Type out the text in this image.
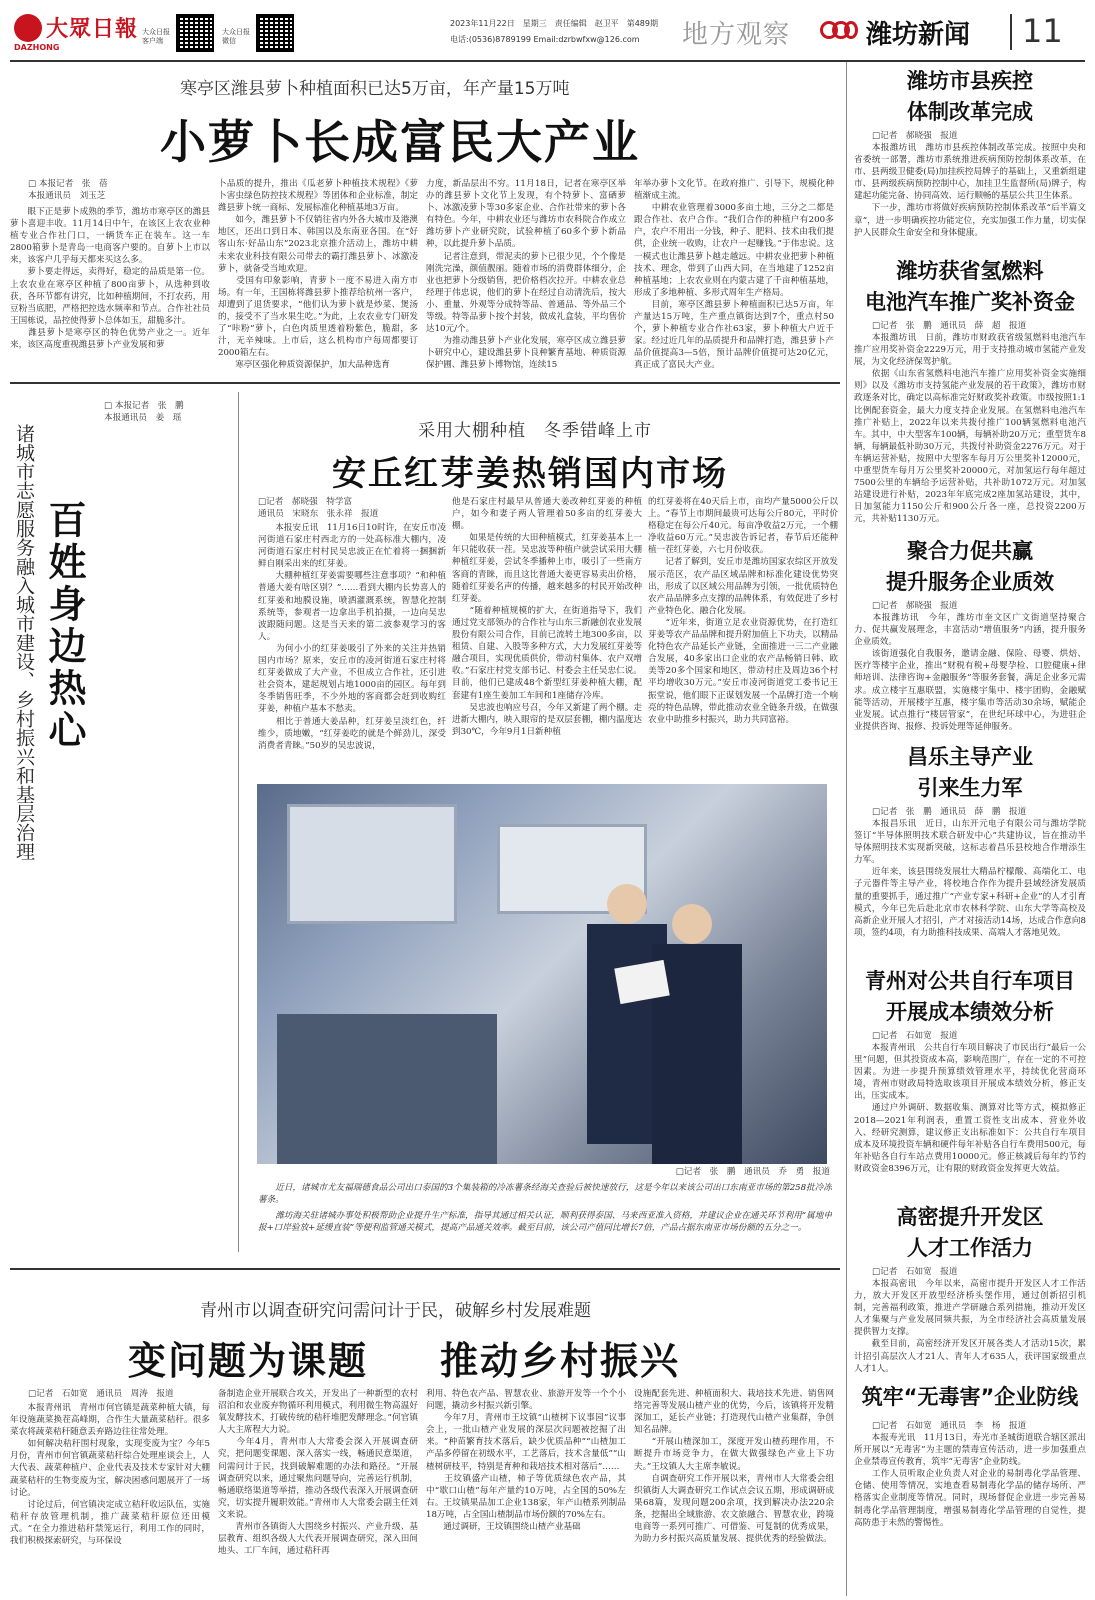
大眾日報
DAZHONG
大众日报
客户端
大众日报
微信
2023年11月22日　星期三　责任编辑　赵卫平　第489期
电话:(0536)8789199 Email:dzrbwfxw@126.com 地方观察	潍坊新闻 11
寒亭区潍县萝卜种植面积已达5万亩，年产量15万吨
小萝卜长成富民大产业
□ 本报记者　张　蓓
本报通讯员　刘玉芝
　　眼下正是萝卜成熟的季节，潍坊市寒亭区的潍县萝卜喜迎丰收。11月14日中午，在该区上农农业种植专业合作社门口，一辆货车正在装车。这一车2800箱萝卜是青岛一电商客户要的。自萝卜上市以来，该客户几乎每天都来买这么多。
　　萝卜要走得远，卖得好，稳定的品质是第一位。上农农业在寒亭区种植了800亩萝卜，从选种到收获，各环节都有讲究，比如种植期间，不打农药，用豆粉当底肥，严格把控选水频率和节点。合作社社员王国栋说，品控使得萝卜总体如玉，甜脆多汁。
　　潍县萝卜是寒亭区的特色优势产业之一。近年来，该区高度重视潍县萝卜产业发展和萝
卜品质的提升，推出《瓜老萝卜种植技术规程》《萝卜害虫绿色防控技术规程》等团体和企业标准，制定潍县萝卜统一商标、发展标准化种植基地3万亩。
　　如今，潍县萝卜不仅销往省内外各大城市及港澳地区，还出口到日本、韩国以及东南亚各国。在“好客山东·好品山东”2023北京推介活动上，潍坊中耕未来农业科技有限公司带去的霸打潍县萝卜、冰激凌萝卜，就备受当地欢迎。
　　受国有印象影响，青萝卜一度不易进入南方市场。有一年，王国栋将潍县萝卜推荐给杭州一客户，却遭到了退货要求，“他们认为萝卜就是炒菜、煲汤的，接受不了当水果生吃。”为此，上农农业专门研发了“咔粉”萝卜，白色肉质里透着粉紫色，脆甜，多汁，无辛辣味。上市后，这么机构市户每周都要订2000箱左右。
　　寒亭区强化种质资源保护，加大品种选育
力度，新品层出不穷。11月18日，记者在寒亭区举办的潍县萝卜文化节上发现，有个特萝卜、富硒萝卜、冰激凌萝卜等30多家企业、合作社带来的萝卜各有特色。今年，中耕农业还与潍坊市农科院合作成立潍坊萝卜产业研究院，试验种植了60多个萝卜新品种，以此提升萝卜品质。
　　记者注意到，带泥卖的萝卜已很少见，个个像是刚洗完澡，颜值靓丽。随着市场的消费群体细分，企业也把萝卜分级销售，把价格档次拉开。中耕农业总经理于伟忠说，他们的萝卜在经过自动清洗后，按大小、重量、外观等分成特等品、普通品、等外品三个等级。特等品萝卜按个封装，做成礼盒装，平均售价达10元/个。
　　为推动潍县萝卜产业化发展，寒亭区成立潍县萝卜研究中心，建设潍县萝卜良种繁育基地、种质资源保护圃、潍县萝卜博物馆，连续15
年举办萝卜文化节。在政府推广、引导下，规模化种植渐成主流。
　　中耕农业管理着3000多亩土地，三分之二都是跟合作社、农户合作。“我们合作的种植户有200多户，农户不用出一分钱，种子、肥料、技术由我们提供，企业统一收购，让农户一起赚钱。”于伟忠说。这一模式也让潍县萝卜越走越远。中耕农业把萝卜种植技术、理念，带到了山西大同，在当地建了1252亩种植基地；上农农业则在内蒙古建了千亩种植基地，形成了多地种植、多形式周年生产格局。
　　目前，寒亭区潍县萝卜种植面积已达5万亩，年产量达15万吨，生产重点镇街达到7个，重点村50个，萝卜种植专业合作社63家，萝卜种植大户近千家。经过近几年的品质提升和品牌打造，潍县萝卜产品价值提高3—5倍，预计品牌价值提可达20亿元，真正成了富民大产业。
□ 本报记者　张　鹏
本报通讯员　姜　瑶
诸城市志愿服务融入城市建设、乡村振兴和基层治理 百姓身边热心
采用大棚种植　冬季错峰上市
安丘红芽姜热销国内市场
□记者　郝晓强　特学富
通讯员　宋晓东　张永祥　报道
　　本报安丘讯　11月16日10时许，在安丘市凌河街道石家庄村西北方的一处高标准大棚内，凌河街道石家庄村村民吴忠波正在忙着将一捆捆新鲜自刚采出来的红芽姜。
　　大棚种植红芽姜需要哪些注意事项？“和种植普通大姜有啥区别？”……看到大棚内长势喜人的红芽姜和地膜设施，喷洒灌溉系统，智慧化控制系统等，参观者一边拿出手机拍摄，一边向吴忠波跟随问题。这是当天来的第二波参观学习的客人。
　　为何小小的红芽姜吸引了外来的关注并热销国内市场？原来，安丘市的凌河街道石家庄村将红芽姜做成了大产业，不但成立合作社，还引进社会资本，建起规划占地1000亩的园区。每年到冬季销售旺季，不少外地的客商都会赶到收购红芽姜，种植户基本不愁卖。
　　相比于普通大姜品种，红芽姜呈淡红色，纤维少，质地嫩，“红芽姜吃的就是个鲜劲儿，深受消费者青睐。”50岁的吴忠波说，
他是石家庄村最早从普通大姜改种红芽姜的种植户，如今和妻子两人管理着50多亩的红芽姜大棚。
　　如果是传统的大田种植模式，红芽姜基本上一年只能收获一茬。吴忠波等种植户就尝试采用大棚种植红芽姜，尝试冬季播种上市，吸引了一些南方客商的青睐，而且这比普通大姜更容易卖出价格，随着红芽姜名声的传播，越来越多的村民开始改种红芽姜。
　　“随着种植规模的扩大，在街道指导下，我们通过党支部领办的合作社与山东三新融创农业发展股份有限公司合作，目前已流转土地300多亩，以租赁、自建、入股等多种方式，大力发展红芽姜等融合项目，实现优质供价，带动村集体、农户双增收。”石家庄村党支部书记、村委会主任吴忠仁说。目前，他们已建成48个新型红芽姜种植大棚，配套建有1座生姜加工车间和1座储存冷库。
　　吴忠波也响应号召，今年又新建了两个棚。走进新大棚内，映入眼帘的是双层套棚，棚内温度达到30℃，今年9月1日新种植
的红芽姜将在40天后上市，亩均产量5000公斤以上。“春节上市期间最贵可达每公斤80元，平时价格稳定在每公斤40元。每亩净收益2万元，一个棚净收益60万元。”吴忠波告诉记者，春节后还能种植一茬红芽姜，六七月份收获。
　　记者了解到，安丘市是潍坊国家农综区开放发展示范区，农产品区域品牌和标准化建设优势突出，形成了以区域公用品牌为引领，一批优质特色农产品品牌多点支撑的品牌体系，有效促进了乡村产业特色化、融合化发展。
　　“近年来，街道立足农业资源优势，在打造红芽姜等农产品品牌和提升附加值上下功夫，以精品化特色农产品延长产业链，全面推进一三二产业融合发展，40多家出口企业的农产品畅销日韩、欧美等20多个国家和地区，带动村庄及周边36个村平均增收30万元。”安丘市凌河街道党工委书记王振堂说，他们眼下正谋划发展一个品牌打造一个响亮的特色品牌，带此推动农业全链条升级，在做强农业中助推乡村振兴，助力共同富裕。
□记者　张　鹏　通讯员　乔　勇　报道
　　近日，诸城市尤友福瑞德食品公司出口泰国的3个集装箱的冷冻薯条经海关查验后被快速放行，这是今年以来该公司出口东南亚市场的第258批冷冻薯条。
　　潍坊海关驻诸城办事处积极帮助企业提升生产标准，指导其通过相关认证，顺利获得泰国、马来西亚准入资格，并建议企业在通关环节利用“属地申报+口岸验放+延缓直装”等便利监管通关模式，提高产品通关效率。截至目前，该公司产值同比增长7倍，产品占据东南亚市场份额的五分之一。
青州市以调查研究问需问计于民，破解乡村发展难题
变问题为课题 推动乡村振兴
□记者　石如宽　通讯员　周涛　报道
　　本报青州讯　青州市何官镇是蔬菜种植大镇，每年设施蔬菜换茬高峰期，合作生大量蔬菜秸秆。很多菜农将蔬菜秸秆随意丢弃路边往往常处理。
　　如何解决秸秆围村现象，实现变废为宝？今年5月份，青州市何官镇蔬菜秸秆综合处理座谈会上，人大代表、蔬菜种植户、企业代表及技术专家针对大棚蔬菜秸秆的生物变废为宝，解决困惑问题展开了一场讨论。
　　讨论过后，何官镇决定成立秸秆收运队伍，实施秸秆存放管理机制，推广蔬菜秸秆原位还田模式。“在全力推进秸秆禁笼运行，利用工作的同时，我们积极探索研究，与环保设
备制造企业开展联合攻关，开发出了一种新型的农村沼泊和农业废弃物循环利用模式，利用微生物高温好氧发酵技术，打破传统的秸秆堆肥发酵理念。”何官镇人大主席程大力说。
　　今年4月，青州市人大常委会深入开展调查研究，把问题变课题、深入落实一线，畅通民意渠道，问需问计于民，找到破解难题的办法和路径。“开展调查研究以来，通过聚焦问题导向，完善运行机制，畅通联络渠道等举措，推动各级代表深入开展调查研究，切实提升履职效能。”青州市人大常委会副主任刘文来说。
　　青州市各镇街人大围绕乡村振兴、产业升级、基层教育、组织各级人大代表开展调查研究，深入田间地头、工厂车间，通过秸秆再
利用、特色农产品、智慧农业、旅游开发等一个个小问题，撬动乡村振兴新引擎。
　　今年7月，青州市王坟镇“山楂树下议事园”议事会上，一批山楂产业发展的深层次问题被挖掘了出来。“种苗繁育技术落后，缺少优质品种”“山楂加工产品多停留在初级水平，工艺落后，技术含量低”“山楂树研枝平，特别是育种和栽培技术相对落后”……
　　王坟镇盛产山楂，柿子等优质绿色农产品，其中“歇口山楂”每年产量约10万吨，占全国的50%左右。王坟镇果品加工企业138家，年产山楂系列制品18万吨，占全国山楂制品市场份额的70%左右。
　　通过调研，王坟镇围绕山楂产业基础
设施配套先进、种植面积大、栽培技术先进、销售网络完善等发展山楂产业的优势，今后，该镇将开发精深加工，延长产业链；打造现代山楂产业集群，争创知名品牌。
　　“开展山楂深加工，深度开发山楂药理作用，不断提升市场竞争力，在做大做强绿色产业上下功夫。”王坟镇人大主席李敏说。
　　自调查研究工作开展以来，青州市人大常委会组织镇街人大调查研究工作试点会议五期，形成调研成果68篇，发现问题200余项，找到解决办法220余条，挖掘出全域旅游、农文旅融合、智慧农业，跨境电商等一系列可推广、可借鉴、可复制的优秀成果，为助力乡村振兴高质量发展、提供优秀的经验做法。
潍坊市县疾控
体制改革完成
□记者　郝晓强　报道
　　本报潍坊讯　潍坊市县疾控体制改革完成。按照中央和省委统一部署，潍坊市系统推进疾病预防控制体系改革，在市、县两级卫健委(局)加挂疾控局牌子的基础上，又重新组建市、县两级疾病预防控制中心，加挂卫生监督所(局)牌子，构建起功能完备、协同高效、运行顺畅的基层公共卫生体系。
　　下一步，潍坊市将做好疾病预防控制体系改革“后半篇文章”，进一步明确疾控功能定位，充实加强工作力量，切实保护人民群众生命安全和身体健康。
潍坊获省氢燃料
电池汽车推广奖补资金
□记者　张　鹏　通讯员　薛　超　报道
　　本报潍坊讯　日前，潍坊市财政获省级氢燃料电池汽车推广应用奖补资金2229万元，用于支持推动城市氢能产业发展，为文化经济保驾护航。
　　依据《山东省氢燃料电池汽车推广应用奖补资金实施细则》以及《潍坊市支持氢能产业发展的若干政策》，潍坊市财政逐条对比，确定以高标准完好财政奖补政策。市级按照1:1比例配套资金，最大力度支持企业发展。在氢燃料电池汽车推广补贴上，2022年以来共拨付推广100辆氢燃料电池汽车。其中，中大型客车100辆，每辆补助20万元；重型货车8辆，每辆最低补助30万元，共拨付补助资金2276万元。对于车辆运营补贴，按照中大型客车每月万公里奖补12000元，中重型货车每月万公里奖补20000元，对加氢运行每年超过7500公里的车辆给予运营补贴，共补助1072万元。对加氢站建设进行补贴，2023年年底完成2座加氢站建设，其中，日加氢能力1150公斤和900公斤各一座，总投资2200万元，共补贴1130万元。
聚合力促共赢
提升服务企业质效
□记者　郝晓强　报道
　　本报潍坊讯　今年，潍坊市奎文区广文街道坚持聚合力、促共赢发展理念，丰富活动“增值服务”内涵，提升服务企业质效。
　　该街道强化自我服务，邀请金融、保险、母婴、烘焙、医疗等楼宇企业，推出“财税有税+母婴孕检、口腔健康+律师培训、法律咨询+金融服务”等服务套餐，满足企业多元需求。成立楼宇互惠联盟，实施楼宇集中、楼宇团购，金融赋能等活动，开展楼宇互惠，楼宇集市等活动30余场，赋能企业发展。试点推行“楼居管家”，在世纪环球中心，为进驻企业提供咨询、报修、投诉处理等延伸服务。
昌乐主导产业
引来生力军
□记者　张　鹏　通讯员　薛　鹏　报道
　　本报昌乐讯　近日，山东开元电子有限公司与潍坊学院签订“半导体照明技术联合研发中心”共建协议，旨在推动半导体照明技术实现新突破，这标志着昌乐县校地合作增添生力军。
　　近年来，该县围绕发展壮大精品柠檬酸、高端化工、电子元器件等主导产业，将校地合作作为提升县域经济发展质量的重要抓手，通过推广“产业专家+科研+企业”的人才引育模式，今年已先后赴北京市农林科学院、山东大学等高校及高新企业开展人才招引，产才对接活动14场，达成合作意向8项，签约4项，有力助推科技成果、高端人才落地见效。
青州对公共自行车项目
开展成本绩效分析
□记者　石如宽　报道
　　本报青州讯　公共自行车项目解决了市民出行“最后一公里”问题，但其投资成本高，影响范围广，存在一定的不可控因素。为进一步提升预算绩效管理水平，持续优化营商环境，青州市财政局特选取该项目开展成本绩效分析，修正支出，压实成本。
　　通过户外调研、数据收集、测算对比等方式，模拟修正2018—2021年利润表，重置工资性支出成本、营业外收入、经研究测算，建议修正支出标准如下：公共自行车项目成本及环境投资车辆和硬件每年补贴各自行车费用500元，每年补贴各自行车站点费用10000元。修正核减后每年约节约财政资金8396万元，让有限的财政资金发挥更大效益。
高密提升开发区
人才工作活力
□记者　石如宽　报道
　　本报高密讯　今年以来，高密市提升开发区人才工作活力，放大开发区开放型经济桥头堡作用，通过创新招引机制，完善福利政策，推进产学研融合系列措施，推动开发区人才集聚与产业发展同频共振，为全市经济社会高质量发展提供智力支撑。
　　截至目前，高密经济开发区开展各类人才活动15次，累计招引高层次人才21人、青年人才635人，获评国家级重点人才1人。
筑牢“无毒害”企业防线
□记者　石如宽　通讯员　李　杨　报道
　　本报寿光讯　11月13日，寿光市圣城街道联合辖区派出所开展以“无毒害”为主题的禁毒宣传活动，进一步加强重点企业禁毒宣传教育，筑牢“无毒害”企业防线。
　　工作人员听取企业负责人对企业的易制毒化学品管理、仓储、使用等情况，实地查看易制毒化学品的储存场所、严格落实企业制度等情况。同时，现场督促企业进一步完善易制毒化学品管理制度，增强易制毒化学品管理的自觉性，提高防患于未然的警惕性。
